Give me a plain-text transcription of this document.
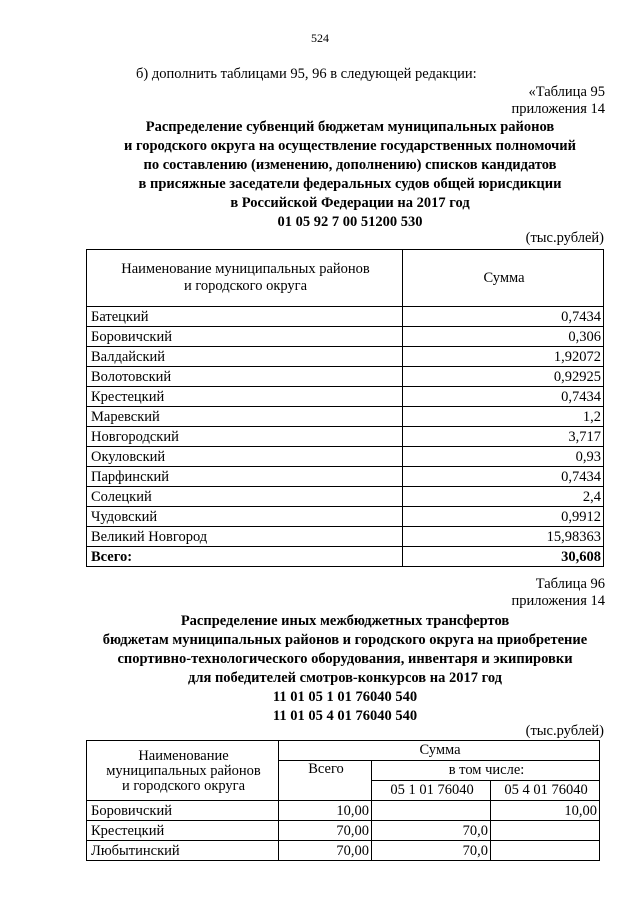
524
б) дополнить таблицами 95, 96 в следующей редакции:
«Таблица 95
приложения 14
Распределение субвенций бюджетам муниципальных районов
и городского округа на осуществление государственных полномочий
по составлению (изменению, дополнению) списков кандидатов
в присяжные заседатели федеральных судов общей юрисдикции
в Российской Федерации на 2017 год
01 05 92 7 00 51200 530
(тыс.рублей)
Наименование муниципальных районов
и городского округа	Сумма
Батецкий	0,7434
Боровичский	0,306
Валдайский	1,92072
Волотовский	0,92925
Крестецкий	0,7434
Маревский	1,2
Новгородский	3,717
Окуловский	0,93
Парфинский	0,7434
Солецкий	2,4
Чудовский	0,9912
Великий Новгород	15,98363
Всего:	30,608
Таблица 96
приложения 14
Распределение иных межбюджетных трансфертов
бюджетам муниципальных районов и городского округа на приобретение
спортивно-технологического оборудования, инвентаря и экипировки
для победителей смотров-конкурсов на 2017 год
11 01 05 1 01 76040 540
11 01 05 4 01 76040 540
(тыс.рублей)
Наименование
муниципальных районов
и городского округа	Сумма		
	Всего	в том числе:	
		05 1 01 76040	05 4 01 76040
Боровичский	10,00		10,00
Крестецкий	70,00	70,0	
Любытинский	70,00	70,0	
